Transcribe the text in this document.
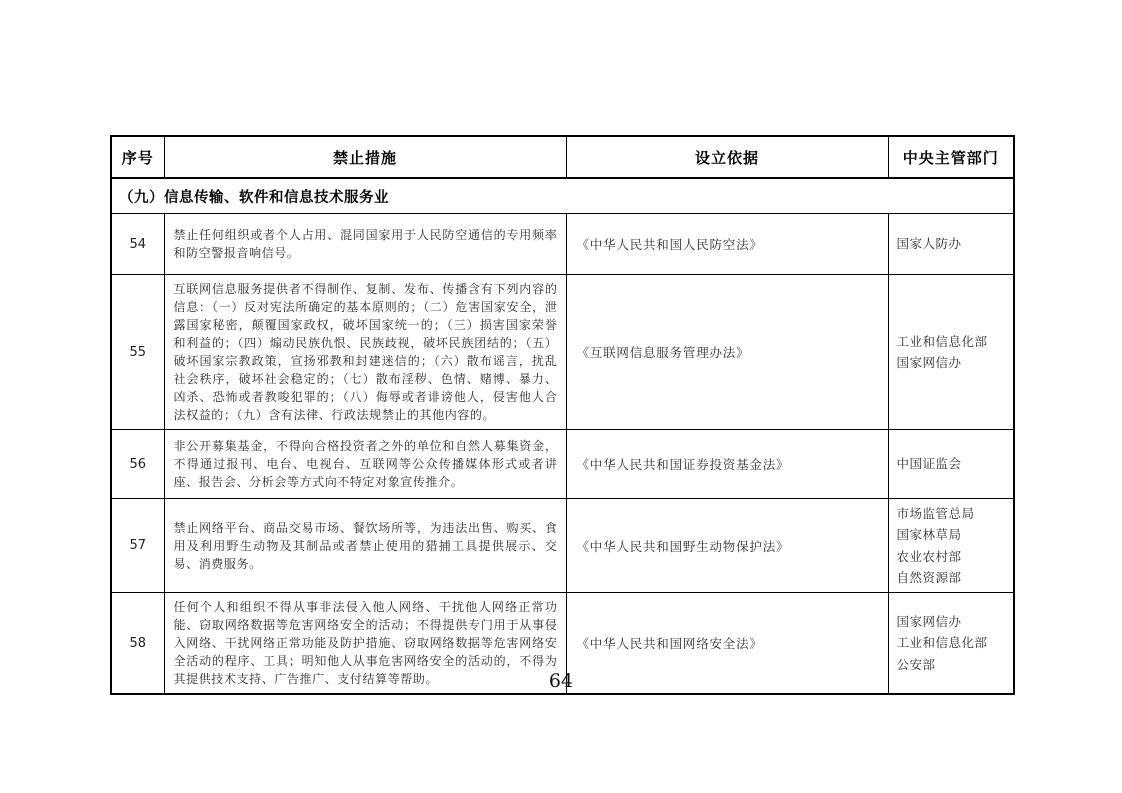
序号	禁止措施	设立依据	中央主管部门
（九）信息传输、软件和信息技术服务业			
54	禁止任何组织或者个人占用、混同国家用于人民防空通信的专用频率和防空警报音响信号。	《中华人民共和国人民防空法》	国家人防办

55	互联网信息服务提供者不得制作、复制、发布、传播含有下列内容的信息：（一）反对宪法所确定的基本原则的；（二）危害国家安全，泄露国家秘密，颠覆国家政权，破坏国家统一的；（三）损害国家荣誉和利益的；（四）煽动民族仇恨、民族歧视，破坏民族团结的；（五）破坏国家宗教政策，宣扬邪教和封建迷信的；（六）散布谣言，扰乱社会秩序，破坏社会稳定的；（七）散布淫秽、色情、赌博、暴力、凶杀、恐怖或者教唆犯罪的；（八）侮辱或者诽谤他人，侵害他人合法权益的；（九）含有法律、行政法规禁止的其他内容的。	《互联网信息服务管理办法》	工业和信息化部
国家网信办

56	非公开募集基金，不得向合格投资者之外的单位和自然人募集资金，不得通过报刊、电台、电视台、互联网等公众传播媒体形式或者讲座、报告会、分析会等方式向不特定对象宣传推介。	《中华人民共和国证券投资基金法》	中国证监会

57	禁止网络平台、商品交易市场、餐饮场所等，为违法出售、购买、食用及利用野生动物及其制品或者禁止使用的猎捕工具提供展示、交易、消费服务。	《中华人民共和国野生动物保护法》	市场监管总局
国家林草局
农业农村部
自然资源部

58	任何个人和组织不得从事非法侵入他人网络、干扰他人网络正常功能、窃取网络数据等危害网络安全的活动；不得提供专门用于从事侵入网络、干扰网络正常功能及防护措施、窃取网络数据等危害网络安全活动的程序、工具；明知他人从事危害网络安全的活动的，不得为其提供技术支持、广告推广、支付结算等帮助。	《中华人民共和国网络安全法》	国家网信办
工业和信息化部
公安部
64
